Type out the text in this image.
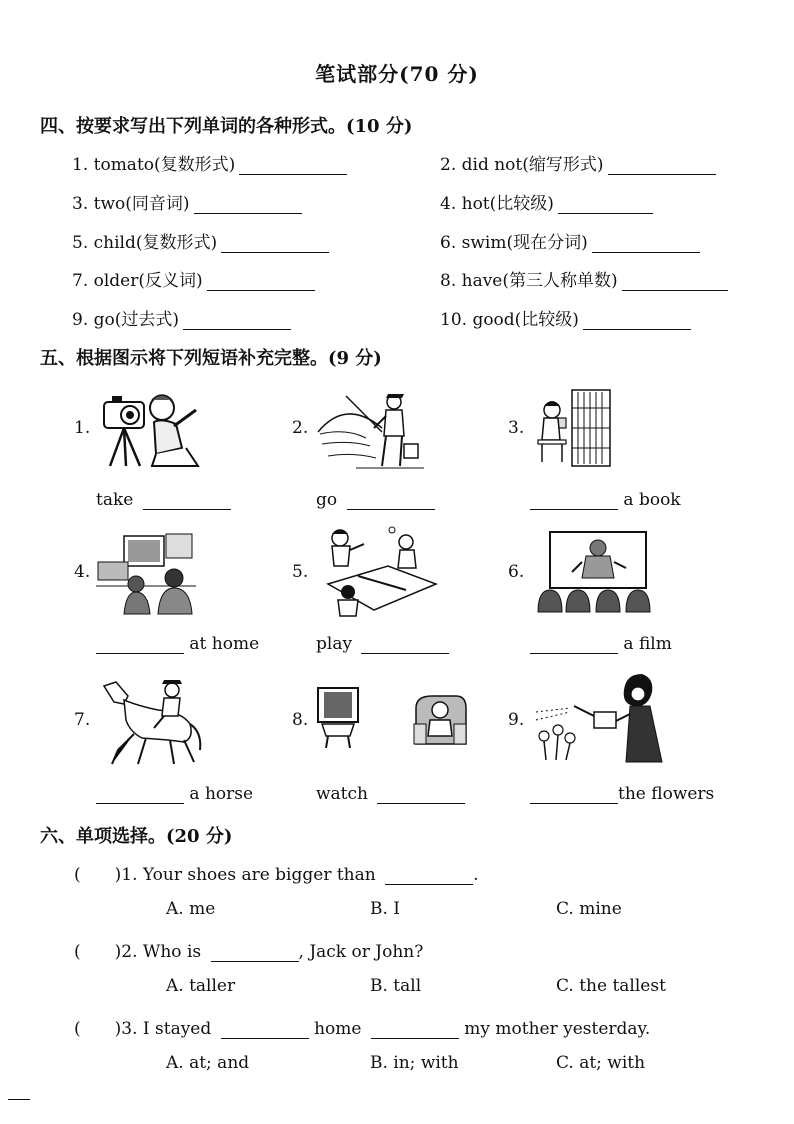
笔试部分(70 分)
四、按要求写出下列单词的各种形式。(10 分)
1. tomato(复数形式)	2. did not(缩写形式)
3. two(同音词)	4. hot(比较级)
5. child(复数形式)	6. swim(现在分词)
7. older(反义词)	8. have(第三人称单数)
9. go(过去式)	10. good(比较级)
五、根据图示将下列短语补充完整。(9 分)
1.	2.	3.
take	go	a book
4.	5.	6.
at home	play	a film
7.	8.	9.
a horse	watch	the flowers
六、单项选择。(20 分)
(　　)1. Your shoes are bigger than	.
A. me	B. I	C. mine
(　　)2. Who is	, Jack or John?
A. taller	B. tall	C. the tallest
(　　)3. I stayed	home	my mother yesterday.
A. at; and	B. in; with	C. at; with
